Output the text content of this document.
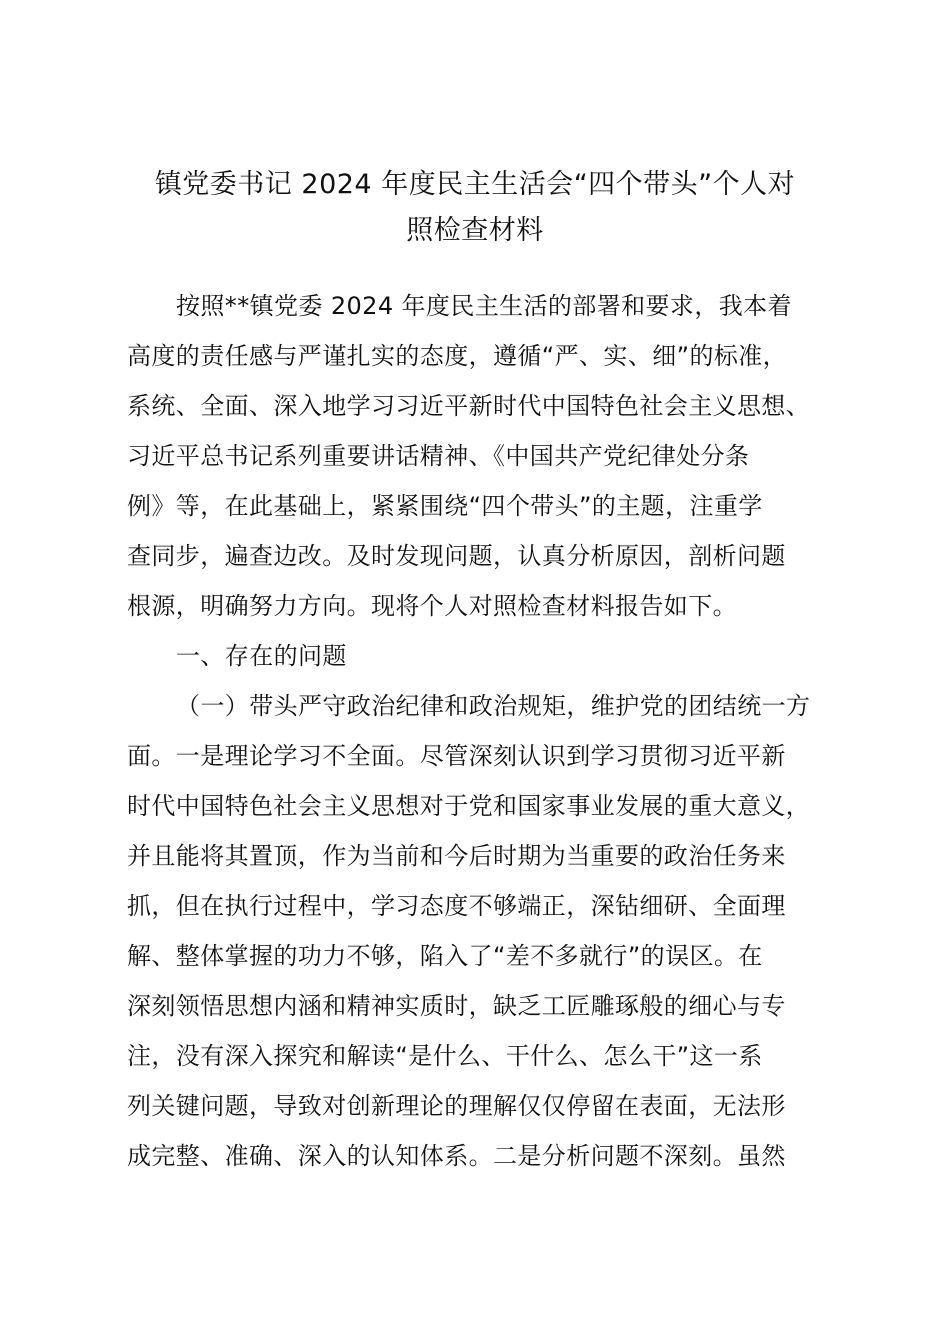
镇党委书记 2024 年度民主生活会“四个带头”个人对
照检查材料
按照**镇党委 2024 年度民主生活的部署和要求，我本着
高度的责任感与严谨扎实的态度，遵循“严、实、细”的标准，
系统、全面、深入地学习习近平新时代中国特色社会主义思想、
习近平总书记系列重要讲话精神、《中国共产党纪律处分条
例》等，在此基础上，紧紧围绕“四个带头”的主题，注重学
查同步，遍查边改。及时发现问题，认真分析原因，剖析问题
根源，明确努力方向。现将个人对照检查材料报告如下。
一、存在的问题
（一）带头严守政治纪律和政治规矩，维护党的团结统一方
面。一是理论学习不全面。尽管深刻认识到学习贯彻习近平新
时代中国特色社会主义思想对于党和国家事业发展的重大意义，
并且能将其置顶，作为当前和今后时期为当重要的政治任务来
抓，但在执行过程中，学习态度不够端正，深钻细研、全面理
解、整体掌握的功力不够，陷入了“差不多就行”的误区。在
深刻领悟思想内涵和精神实质时，缺乏工匠雕琢般的细心与专
注，没有深入探究和解读“是什么、干什么、怎么干”这一系
列关键问题，导致对创新理论的理解仅仅停留在表面，无法形
成完整、准确、深入的认知体系。二是分析问题不深刻。虽然
